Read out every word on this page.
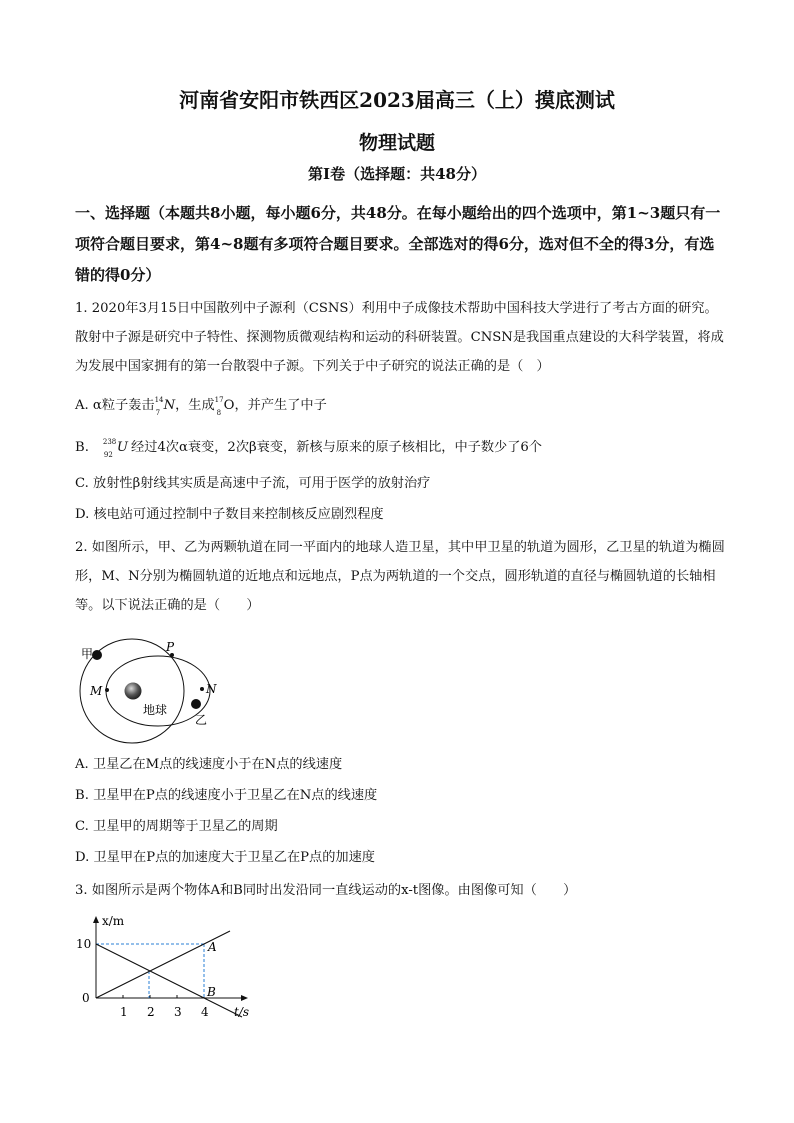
河南省安阳市铁西区2023届高三（上）摸底测试
物理试题
第I卷（选择题：共48分）
一、选择题（本题共8小题，每小题6分，共48分。在每小题给出的四个选项中，第1~3题只有一项符合题目要求，第4~8题有多项符合题目要求。全部选对的得6分，选对但不全的得3分，有选错的得0分）
1. 2020年3月15日中国散列中子源利（CSNS）利用中子成像技术帮助中国科技大学进行了考古方面的研究。散射中子源是研究中子特性、探测物质微观结构和运动的科研装置。CNSN是我国重点建设的大科学装置，将成为发展中国家拥有的第一台散裂中子源。下列关于中子研究的说法正确的是（　）
A. α粒子轰击 14
7 N，生成 17
8 O，并产生了中子
B. 238
92 U 经过4次α衰变，2次β衰变，新核与原来的原子核相比，中子数少了6个
C. 放射性β射线其实质是高速中子流，可用于医学的放射治疗
D. 核电站可通过控制中子数目来控制核反应剧烈程度
2. 如图所示，甲、乙为两颗轨道在同一平面内的地球人造卫星，其中甲卫星的轨道为圆形，乙卫星的轨道为椭圆形，M、N分别为椭圆轨道的近地点和远地点，P点为两轨道的一个交点，圆形轨道的直径与椭圆轨道的长轴相等。以下说法正确的是（　　）
甲	P
M	N
地球
乙
A. 卫星乙在M点的线速度小于在N点的线速度
B. 卫星甲在P点的线速度小于卫星乙在N点的线速度
C. 卫星甲的周期等于卫星乙的周期
D. 卫星甲在P点的加速度大于卫星乙在P点的加速度
3. 如图所示是两个物体A和B同时出发沿同一直线运动的x-t图像。由图像可知（　　）
x/m
t/s
10
0
1 2 3 4
A
B
